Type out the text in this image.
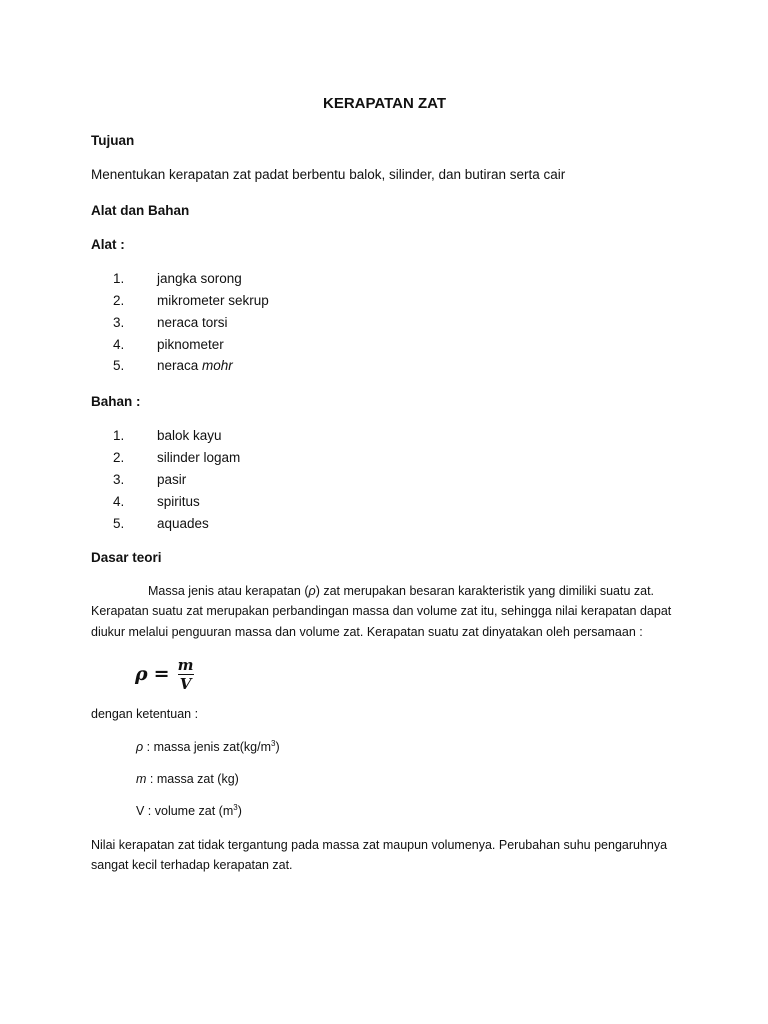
KERAPATAN ZAT
Tujuan
Menentukan kerapatan zat padat berbentu balok, silinder, dan butiran serta cair
Alat dan Bahan
Alat :
1. jangka sorong
2. mikrometer sekrup
3. neraca torsi
4. piknometer
5. neraca mohr
Bahan :
1. balok kayu
2. silinder logam
3. pasir
4. spiritus
5. aquades
Dasar teori
Massa jenis atau kerapatan (ρ) zat merupakan besaran karakteristik yang dimiliki suatu zat.
Kerapatan suatu zat merupakan perbandingan massa dan volume zat itu, sehingga nilai kerapatan dapat
diukur melalui penguuran massa dan volume zat. Kerapatan suatu zat dinyatakan oleh persamaan :
$\rho = \frac{m}{V}$
dengan ketentuan :
ρ : massa jenis $zat(kg/m^3)$
m : massa zat (kg)
V : volume zat $(m^3)$
Nilai kerapatan zat tidak tergantung pada massa zat maupun volumenya. Perubahan suhu pengaruhnya
sangat kecil terhadap kerapatan zat.
